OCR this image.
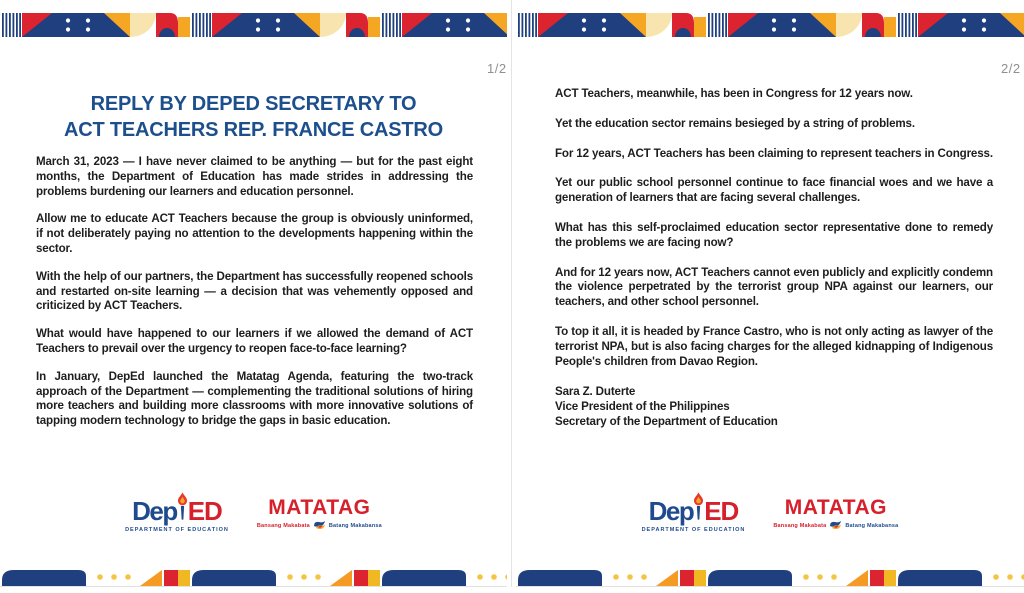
1/2
REPLY BY DEPED SECRETARY TO
ACT TEACHERS REP. FRANCE CASTRO

March 31, 2023 — I have never claimed to be anything — but for the past eight months, the Department of Education has made strides in addressing the problems burdening our learners and education personnel.

Allow me to educate ACT Teachers because the group is obviously uninformed, if not deliberately paying no attention to the developments happening within the sector.

With the help of our partners, the Department has successfully reopened schools and restarted on-site learning — a decision that was vehemently opposed and criticized by ACT Teachers.

What would have happened to our learners if we allowed the demand of ACT Teachers to prevail over the urgency to reopen face-to-face learning?

In January, DepEd launched the Matatag Agenda, featuring the two-track approach of the Department — complementing the traditional solutions of hiring more teachers and building more classrooms with more innovative solutions of tapping modern technology to bridge the gaps in basic education.

Dep ED
DEPARTMENT OF EDUCATION
MATATAG
Bansang Makabata	Batang Makabansa
2/2

ACT Teachers, meanwhile, has been in Congress for 12 years now.

Yet the education sector remains besieged by a string of problems.

For 12 years, ACT Teachers has been claiming to represent teachers in Congress.

Yet our public school personnel continue to face financial woes and we have a generation of learners that are facing several challenges.

What has this self-proclaimed education sector representative done to remedy the problems we are facing now?

And for 12 years now, ACT Teachers cannot even publicly and explicitly condemn the violence perpetrated by the terrorist group NPA against our learners, our teachers, and other school personnel.

To top it all, it is headed by France Castro, who is not only acting as lawyer of the terrorist NPA, but is also facing charges for the alleged kidnapping of Indigenous People's children from Davao Region.

Sara Z. Duterte
Vice President of the Philippines
Secretary of the Department of Education
Dep ED
DEPARTMENT OF EDUCATION
MATATAG
Bansang Makabata	Batang Makabansa
